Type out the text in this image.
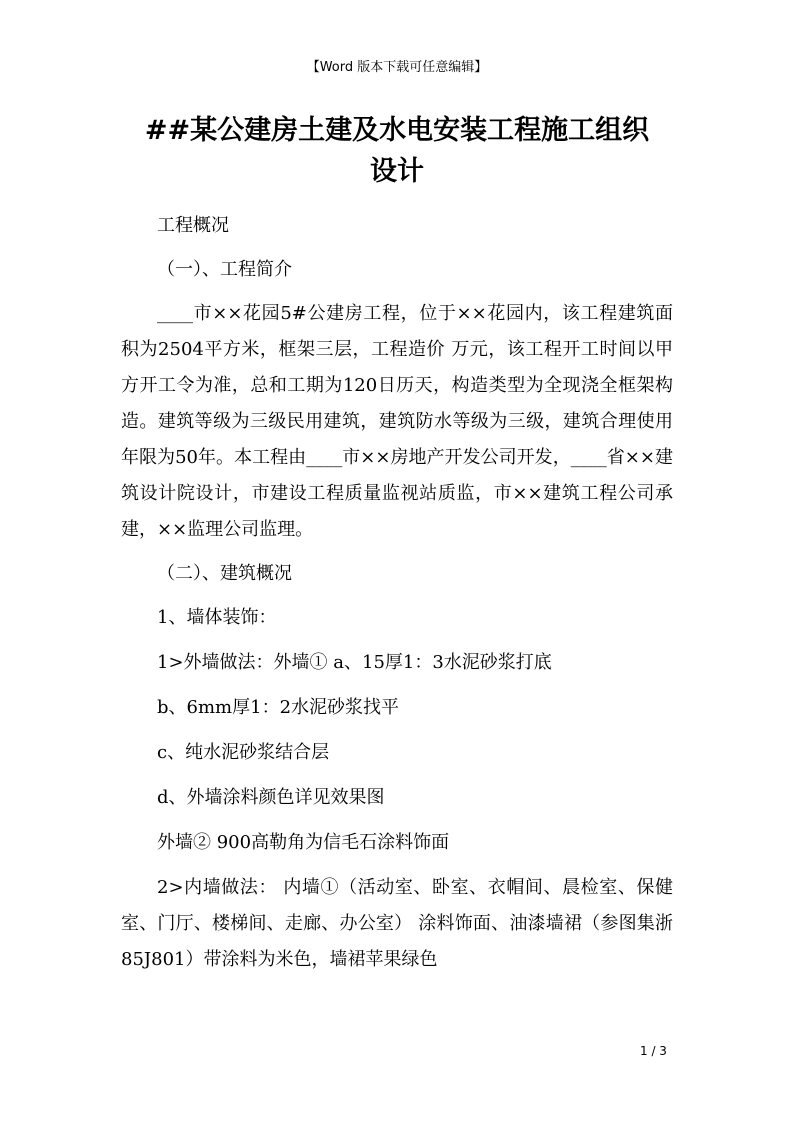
【Word 版本下载可任意编辑】
##某公建房土建及水电安装工程施工组织
设计

工程概况

（一）、工程简介

____市××花园5#公建房工程，位于××花园内，该工程建筑面积为2504平方米，框架三层，工程造价 万元，该工程开工时间以甲方开工令为准，总和工期为120日历天，构造类型为全现浇全框架构造。建筑等级为三级民用建筑，建筑防水等级为三级，建筑合理使用年限为50年。本工程由____市××房地产开发公司开发，____省××建筑设计院设计，市建设工程质量监视站质监，市××建筑工程公司承建，××监理公司监理。

（二）、建筑概况

1、墙体装饰：

1>外墙做法：外墙① a、15厚1：3水泥砂浆打底

b、6mm厚1：2水泥砂浆找平

c、纯水泥砂浆结合层

d、外墙涂料颜色详见效果图

外墙② 900高勒角为信毛石涂料饰面

2>内墙做法： 内墙①（活动室、卧室、衣帽间、晨检室、保健室、门厅、楼梯间、走廊、办公室） 涂料饰面、油漆墙裙（参图集浙85J801）带涂料为米色，墙裙苹果绿色

1 / 3
